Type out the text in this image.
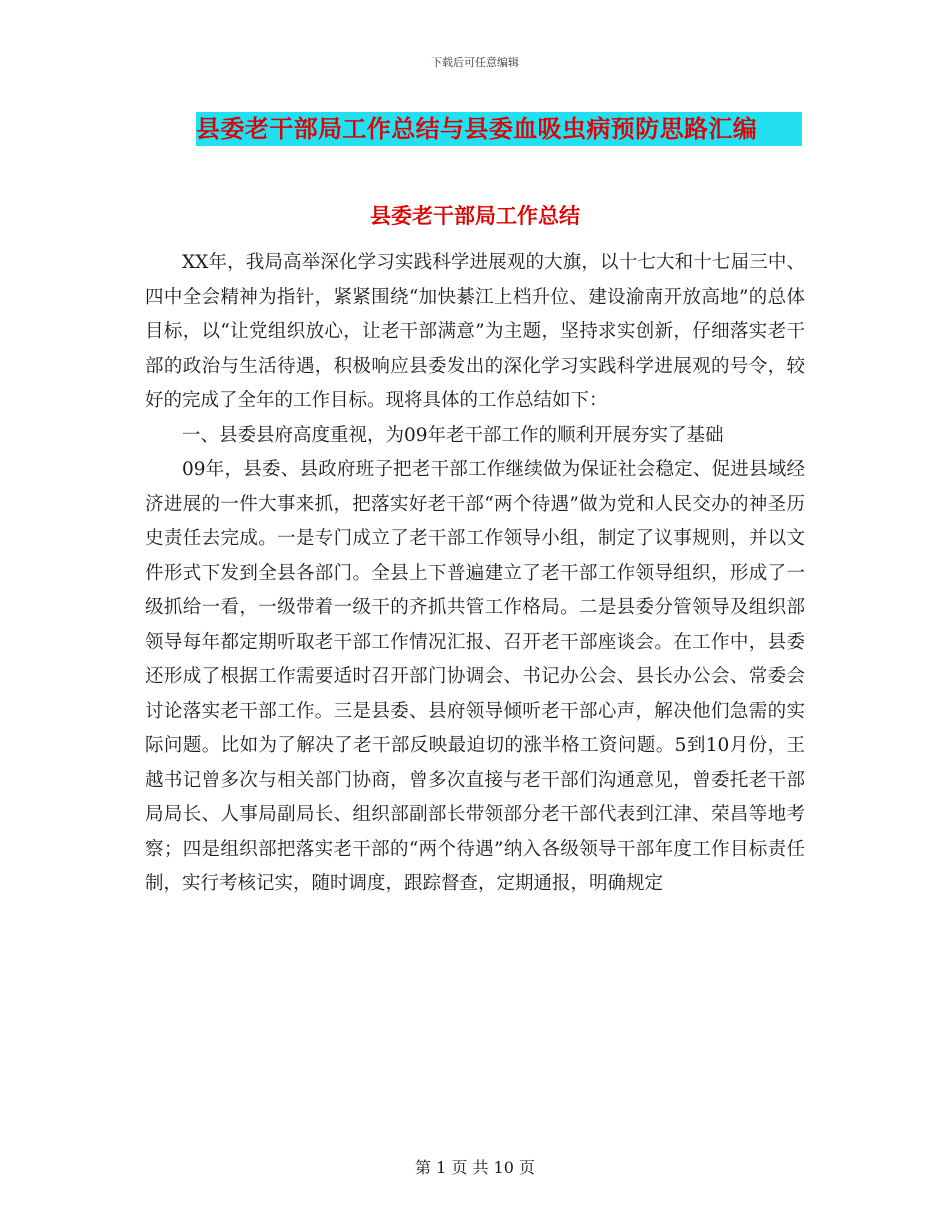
下载后可任意编辑
县委老干部局工作总结与县委血吸虫病预防思路汇编
县委老干部局工作总结

XX年，我局高举深化学习实践科学进展观的大旗，以十七大和十七届三中、四中全会精神为指针，紧紧围绕“加快綦江上档升位、建设渝南开放高地”的总体目标，以“让党组织放心，让老干部满意”为主题，坚持求实创新，仔细落实老干部的政治与生活待遇，积极响应县委发出的深化学习实践科学进展观的号令，较好的完成了全年的工作目标。现将具体的工作总结如下：

一、县委县府高度重视，为09年老干部工作的顺利开展夯实了基础

09年，县委、县政府班子把老干部工作继续做为保证社会稳定、促进县域经济进展的一件大事来抓，把落实好老干部“两个待遇”做为党和人民交办的神圣历史责任去完成。一是专门成立了老干部工作领导小组，制定了议事规则，并以文件形式下发到全县各部门。全县上下普遍建立了老干部工作领导组织，形成了一级抓给一看，一级带着一级干的齐抓共管工作格局。二是县委分管领导及组织部领导每年都定期听取老干部工作情况汇报、召开老干部座谈会。在工作中，县委还形成了根据工作需要适时召开部门协调会、书记办公会、县长办公会、常委会讨论落实老干部工作。三是县委、县府领导倾听老干部心声，解决他们急需的实际问题。比如为了解决了老干部反映最迫切的涨半格工资问题。5到10月份，王越书记曾多次与相关部门协商，曾多次直接与老干部们沟通意见，曾委托老干部局局长、人事局副局长、组织部副部长带领部分老干部代表到江津、荣昌等地考察；四是组织部把落实老干部的“两个待遇”纳入各级领导干部年度工作目标责任制，实行考核记实，随时调度，跟踪督查，定期通报，明确规定

第 1 页 共 10 页
